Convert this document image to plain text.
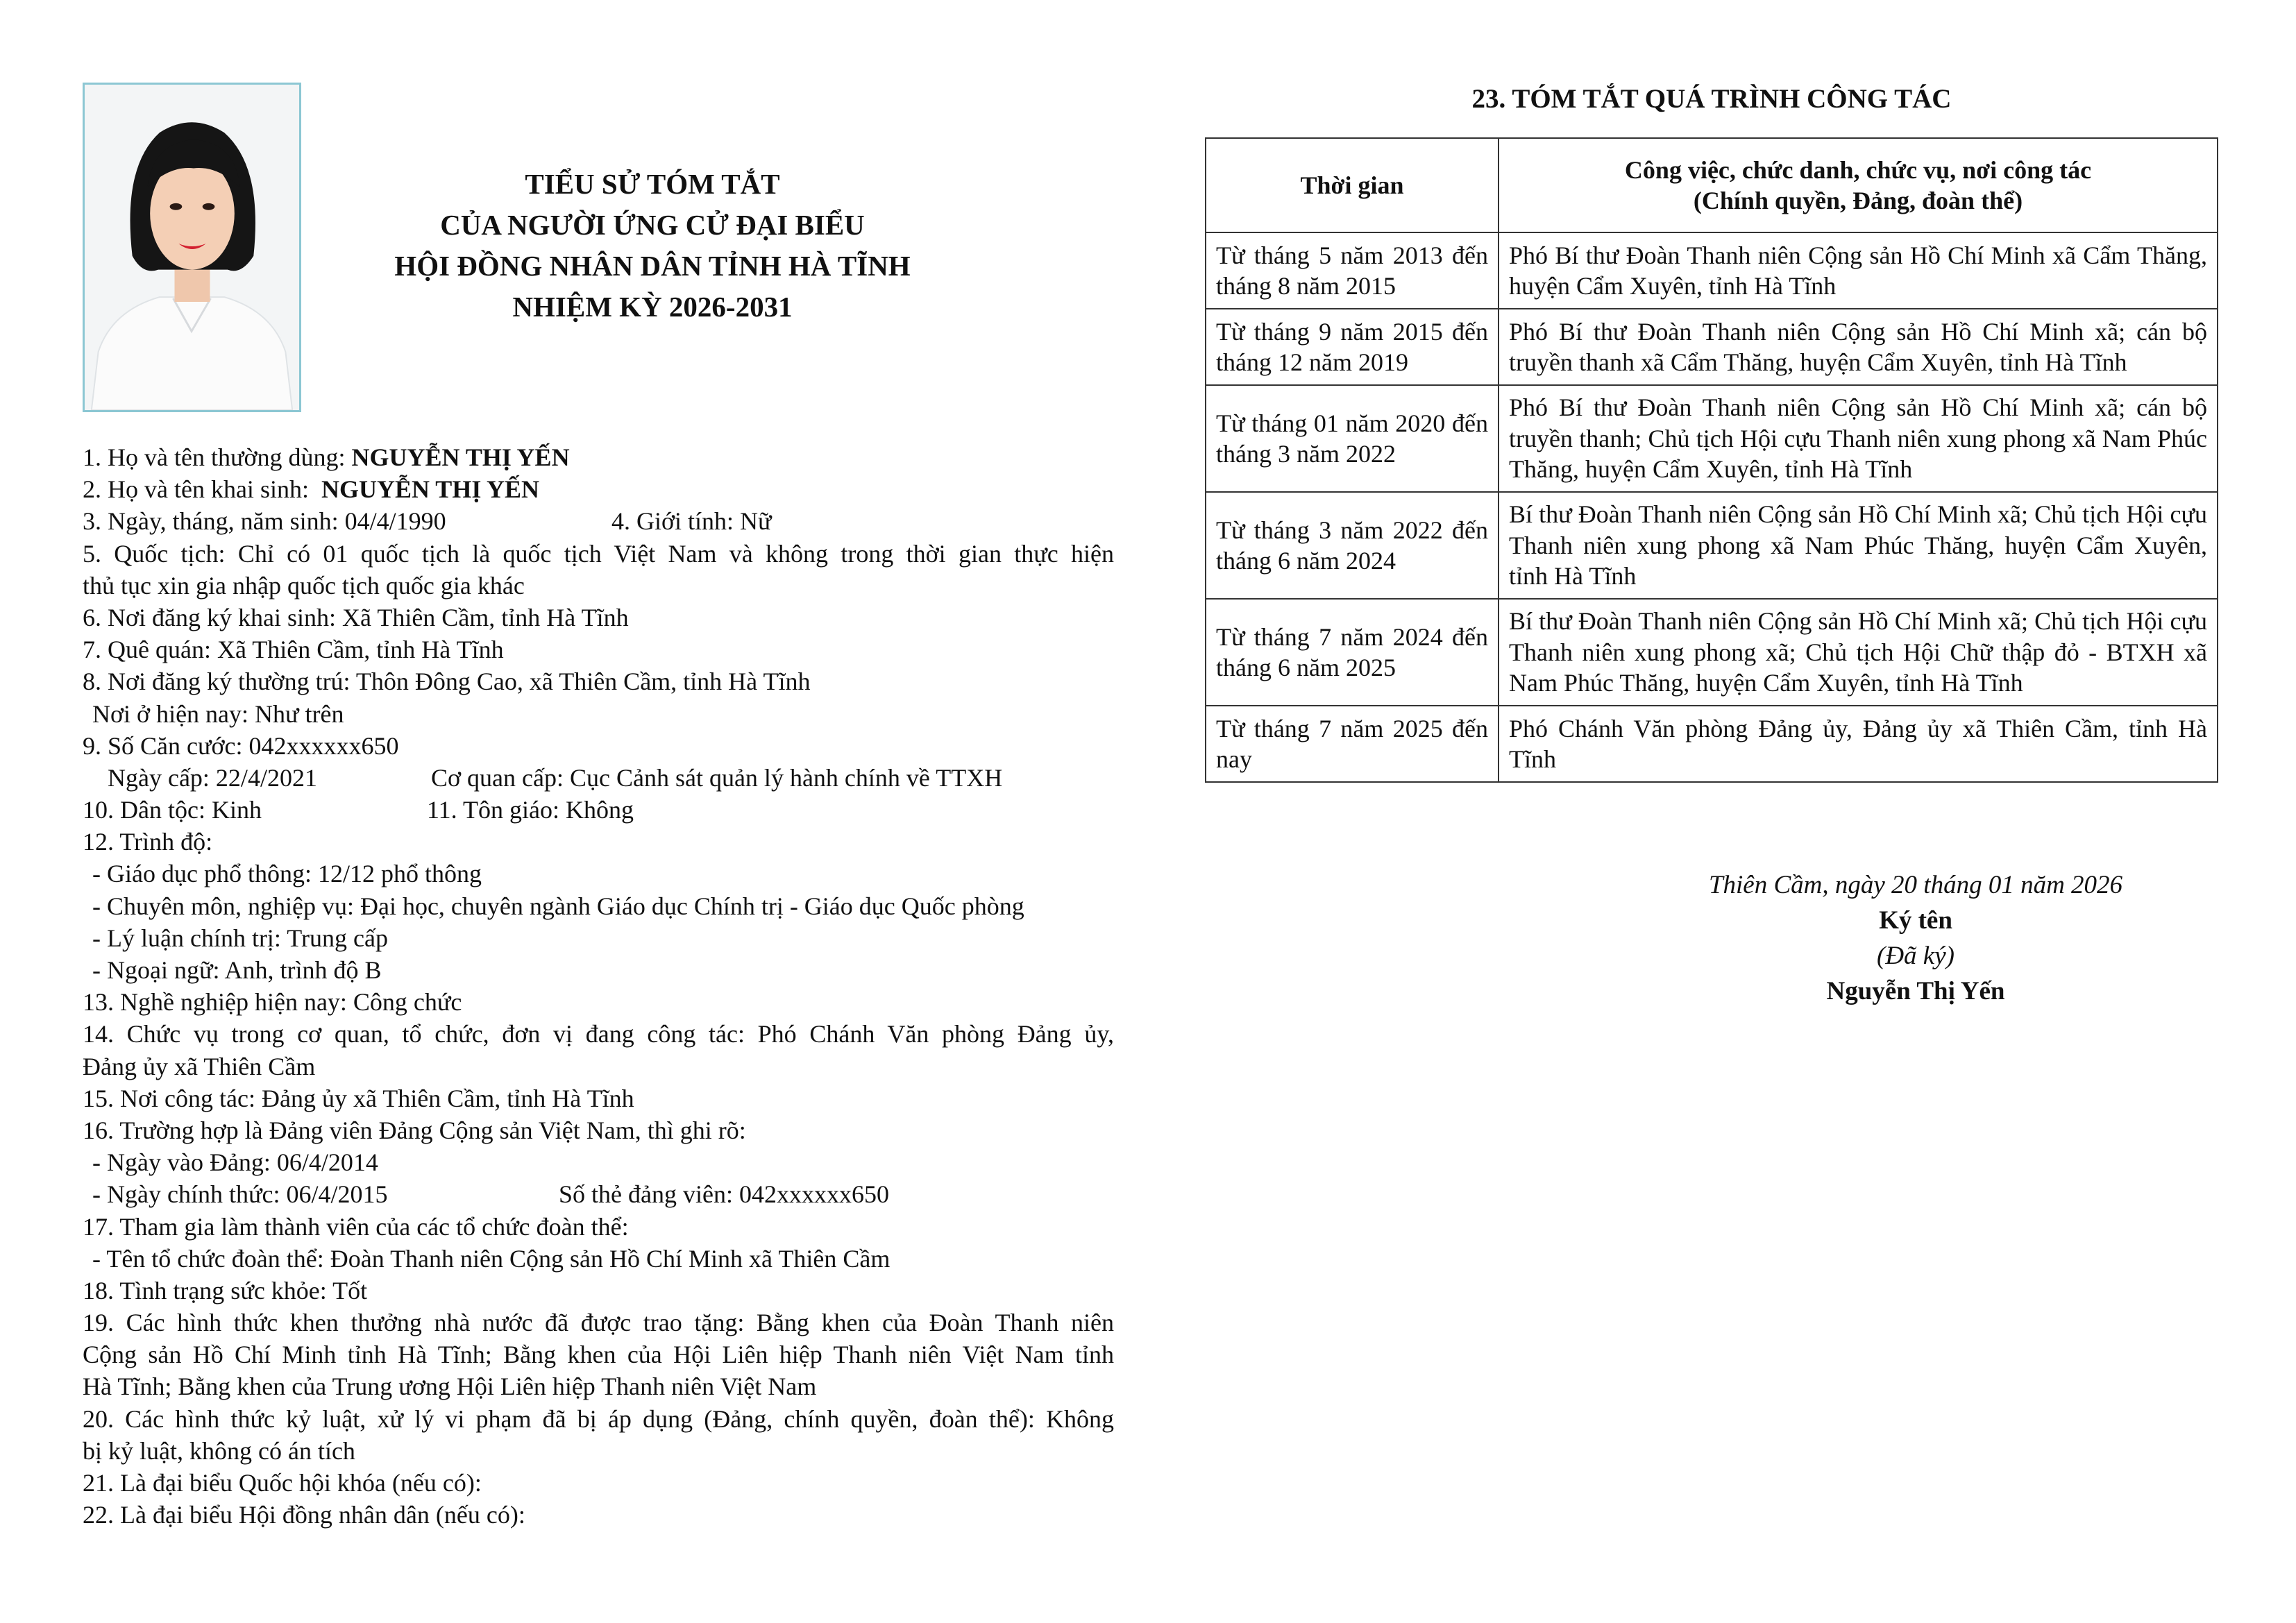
TIỂU SỬ TÓM TẮT
CỦA NGƯỜI ỨNG CỬ ĐẠI BIỂU
HỘI ĐỒNG NHÂN DÂN TỈNH HÀ TĨNH
NHIỆM KỲ 2026-2031
1. Họ và tên thường dùng: NGUYỄN THỊ YẾN
2. Họ và tên khai sinh:  NGUYỄN THỊ YẾN
3. Ngày, tháng, năm sinh: 04/4/1990	4. Giới tính: Nữ
5. Quốc tịch: Chỉ có 01 quốc tịch là quốc tịch Việt Nam và không trong thời gian thực hiện
thủ tục xin gia nhập quốc tịch quốc gia khác
6. Nơi đăng ký khai sinh: Xã Thiên Cầm, tỉnh Hà Tĩnh
7. Quê quán: Xã Thiên Cầm, tỉnh Hà Tĩnh
8. Nơi đăng ký thường trú: Thôn Đông Cao, xã Thiên Cầm, tỉnh Hà Tĩnh
Nơi ở hiện nay: Như trên
9. Số Căn cước: 042xxxxxx650
Ngày cấp: 22/4/2021	Cơ quan cấp: Cục Cảnh sát quản lý hành chính về TTXH
10. Dân tộc: Kinh	11. Tôn giáo: Không
12. Trình độ:
- Giáo dục phổ thông: 12/12 phổ thông
- Chuyên môn, nghiệp vụ: Đại học, chuyên ngành Giáo dục Chính trị - Giáo dục Quốc phòng
- Lý luận chính trị: Trung cấp
- Ngoại ngữ: Anh, trình độ B
13. Nghề nghiệp hiện nay: Công chức
14. Chức vụ trong cơ quan, tổ chức, đơn vị đang công tác: Phó Chánh Văn phòng Đảng ủy,
Đảng ủy xã Thiên Cầm
15. Nơi công tác: Đảng ủy xã Thiên Cầm, tỉnh Hà Tĩnh
16. Trường hợp là Đảng viên Đảng Cộng sản Việt Nam, thì ghi rõ:
- Ngày vào Đảng: 06/4/2014
- Ngày chính thức: 06/4/2015	Số thẻ đảng viên: 042xxxxxx650
17. Tham gia làm thành viên của các tổ chức đoàn thể:
- Tên tổ chức đoàn thể: Đoàn Thanh niên Cộng sản Hồ Chí Minh xã Thiên Cầm
18. Tình trạng sức khỏe: Tốt
19. Các hình thức khen thưởng nhà nước đã được trao tặng: Bằng khen của Đoàn Thanh niên
Cộng sản Hồ Chí Minh tỉnh Hà Tĩnh; Bằng khen của Hội Liên hiệp Thanh niên Việt Nam tỉnh
Hà Tĩnh; Bằng khen của Trung ương Hội Liên hiệp Thanh niên Việt Nam
20. Các hình thức kỷ luật, xử lý vi phạm đã bị áp dụng (Đảng, chính quyền, đoàn thể): Không
bị kỷ luật, không có án tích
21. Là đại biểu Quốc hội khóa (nếu có):
22. Là đại biểu Hội đồng nhân dân (nếu có):
23. TÓM TẮT QUÁ TRÌNH CÔNG TÁC
Thời gian	Công việc, chức danh, chức vụ, nơi công tác
(Chính quyền, Đảng, đoàn thể)

Từ tháng 5 năm 2013 đến tháng 8 năm 2015	Phó Bí thư Đoàn Thanh niên Cộng sản Hồ Chí Minh xã Cẩm Thăng, huyện Cẩm Xuyên, tỉnh Hà Tĩnh
Từ tháng 9 năm 2015 đến tháng 12 năm 2019	Phó Bí thư Đoàn Thanh niên Cộng sản Hồ Chí Minh xã; cán bộ truyền thanh xã Cẩm Thăng, huyện Cẩm Xuyên, tỉnh Hà Tĩnh
Từ tháng 01 năm 2020 đến tháng 3 năm 2022	Phó Bí thư Đoàn Thanh niên Cộng sản Hồ Chí Minh xã; cán bộ truyền thanh; Chủ tịch Hội cựu Thanh niên xung phong xã Nam Phúc Thăng, huyện Cẩm Xuyên, tỉnh Hà Tĩnh
Từ tháng 3 năm 2022 đến tháng 6 năm 2024	Bí thư Đoàn Thanh niên Cộng sản Hồ Chí Minh xã; Chủ tịch Hội cựu Thanh niên xung phong xã Nam Phúc Thăng, huyện Cẩm Xuyên, tỉnh Hà Tĩnh
Từ tháng 7 năm 2024 đến tháng 6 năm 2025	Bí thư Đoàn Thanh niên Cộng sản Hồ Chí Minh xã; Chủ tịch Hội cựu Thanh niên xung phong xã; Chủ tịch Hội Chữ thập đỏ - BTXH xã Nam Phúc Thăng, huyện Cẩm Xuyên, tỉnh Hà Tĩnh
Từ tháng 7 năm 2025 đến nay	Phó Chánh Văn phòng Đảng ủy, Đảng ủy xã Thiên Cầm, tỉnh Hà Tĩnh
Thiên Cầm, ngày 20 tháng 01 năm 2026
Ký tên
(Đã ký)
Nguyễn Thị Yến
